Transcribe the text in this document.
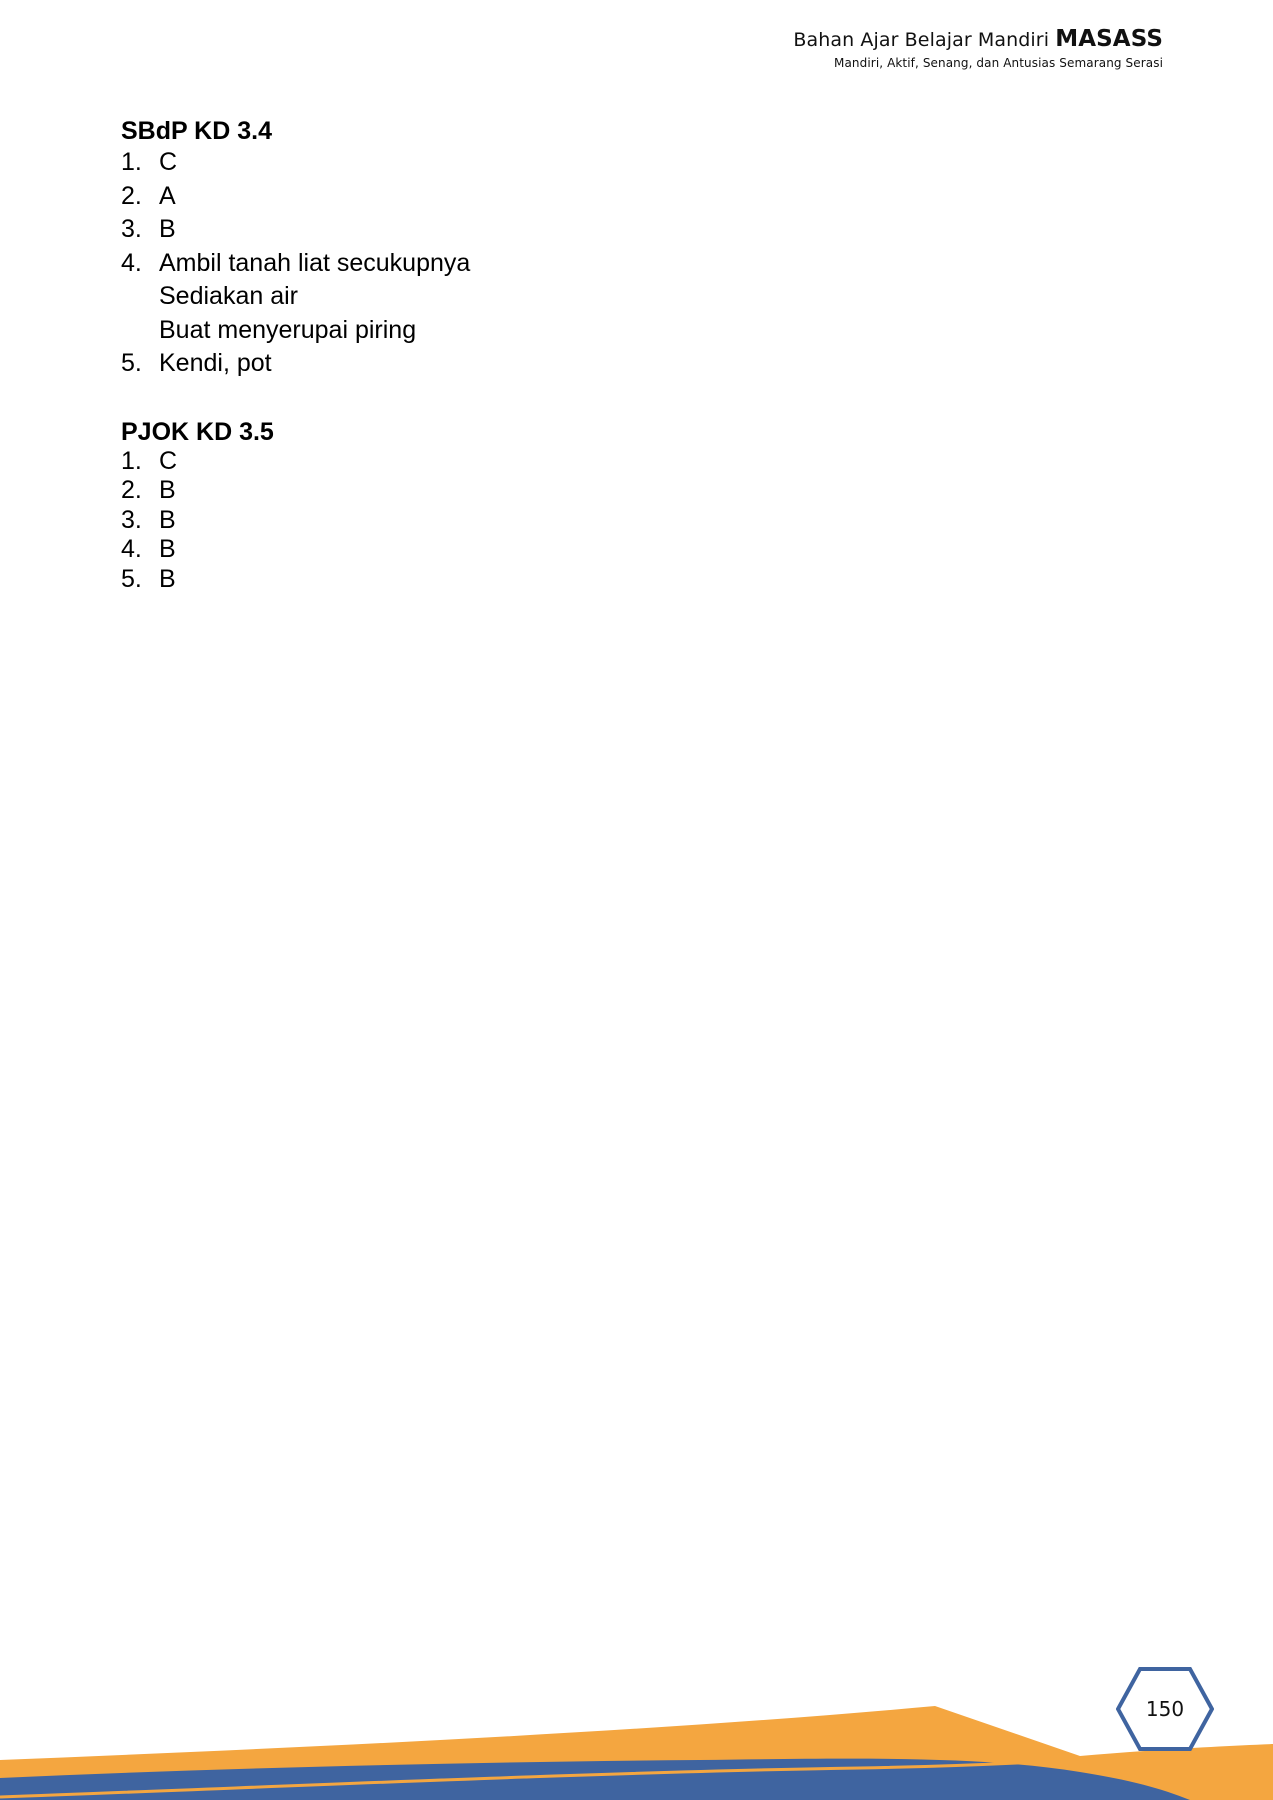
Bahan Ajar Belajar Mandiri MASASS
Mandiri, Aktif, Senang, dan Antusias Semarang Serasi
SBdP KD 3.4
1. C
2. A
3. B
4. Ambil tanah liat secukupnya
Sediakan air
Buat menyerupai piring
5. Kendi, pot
PJOK KD 3.5
1. C
2. B
3. B
4. B
5. B
150
